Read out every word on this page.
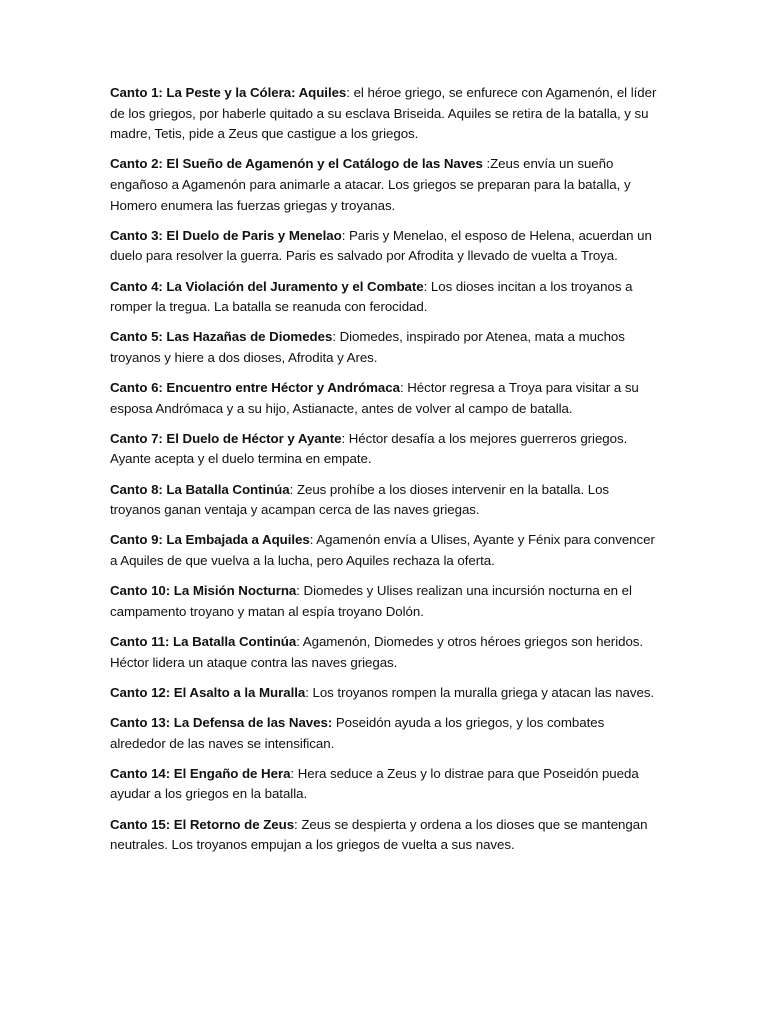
Canto 1: La Peste y la Cólera: Aquiles: el héroe griego, se enfurece con Agamenón, el líder de los griegos, por haberle quitado a su esclava Briseida. Aquiles se retira de la batalla, y su madre, Tetis, pide a Zeus que castigue a los griegos.

Canto 2: El Sueño de Agamenón y el Catálogo de las Naves :Zeus envía un sueño engañoso a Agamenón para animarle a atacar. Los griegos se preparan para la batalla, y Homero enumera las fuerzas griegas y troyanas.

Canto 3: El Duelo de Paris y Menelao: Paris y Menelao, el esposo de Helena, acuerdan un duelo para resolver la guerra. Paris es salvado por Afrodita y llevado de vuelta a Troya.

Canto 4: La Violación del Juramento y el Combate: Los dioses incitan a los troyanos a romper la tregua. La batalla se reanuda con ferocidad.

Canto 5: Las Hazañas de Diomedes: Diomedes, inspirado por Atenea, mata a muchos troyanos y hiere a dos dioses, Afrodita y Ares.

Canto 6: Encuentro entre Héctor y Andrómaca: Héctor regresa a Troya para visitar a su esposa Andrómaca y a su hijo, Astianacte, antes de volver al campo de batalla.

Canto 7: El Duelo de Héctor y Ayante: Héctor desafía a los mejores guerreros griegos. Ayante acepta y el duelo termina en empate.

Canto 8: La Batalla Continúa: Zeus prohíbe a los dioses intervenir en la batalla. Los troyanos ganan ventaja y acampan cerca de las naves griegas.

Canto 9: La Embajada a Aquiles: Agamenón envía a Ulises, Ayante y Fénix para convencer a Aquiles de que vuelva a la lucha, pero Aquiles rechaza la oferta.

Canto 10: La Misión Nocturna: Diomedes y Ulises realizan una incursión nocturna en el campamento troyano y matan al espía troyano Dolón.

Canto 11: La Batalla Continúa: Agamenón, Diomedes y otros héroes griegos son heridos. Héctor lidera un ataque contra las naves griegas.

Canto 12: El Asalto a la Muralla: Los troyanos rompen la muralla griega y atacan las naves.

Canto 13: La Defensa de las Naves: Poseidón ayuda a los griegos, y los combates alrededor de las naves se intensifican.

Canto 14: El Engaño de Hera: Hera seduce a Zeus y lo distrae para que Poseidón pueda ayudar a los griegos en la batalla.

Canto 15: El Retorno de Zeus: Zeus se despierta y ordena a los dioses que se mantengan neutrales. Los troyanos empujan a los griegos de vuelta a sus naves.
